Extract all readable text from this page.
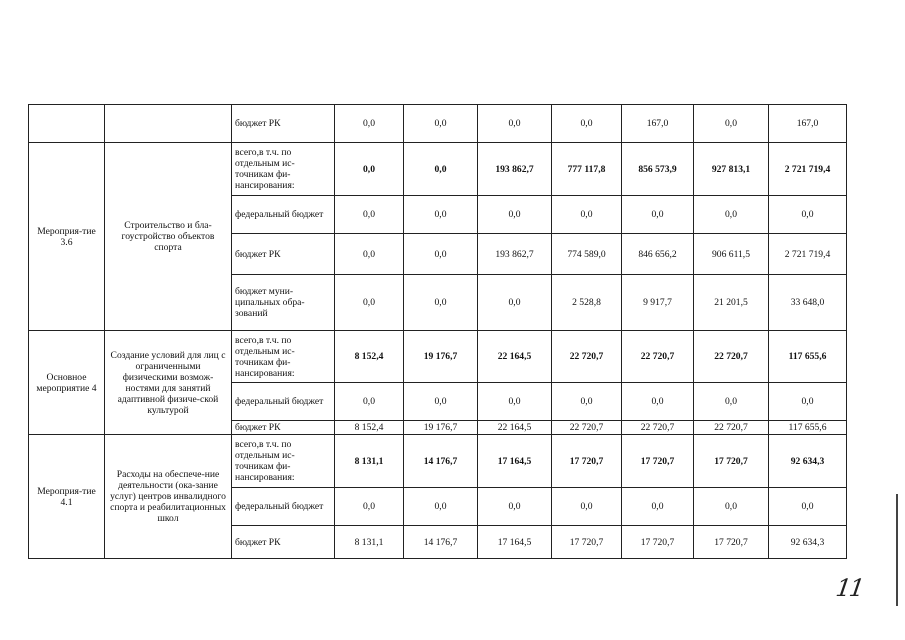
		бюджет РК	0,0	0,0	0,0	0,0	167,0	0,0	167,0
Мероприя-тие 3.6	Строительство и бла-гоустройство объектов спорта	всего,в т.ч. по отдельным ис-точникам фи-нансирования:	0,0	0,0	193 862,7	777 117,8	856 573,9	927 813,1	2 721 719,4
		федеральный бюджет	0,0	0,0	0,0	0,0	0,0	0,0	0,0
		бюджет РК	0,0	0,0	193 862,7	774 589,0	846 656,2	906 611,5	2 721 719,4
		бюджет муни-ципальных обра-зований	0,0	0,0	0,0	2 528,8	9 917,7	21 201,5	33 648,0
Основное мероприятие 4	Создание условий для лиц с ограниченными физическими возмож-ностями для занятий адаптивной физиче-ской культурой	всего,в т.ч. по отдельным ис-точникам фи-нансирования:	8 152,4	19 176,7	22 164,5	22 720,7	22 720,7	22 720,7	117 655,6
		федеральный бюджет	0,0	0,0	0,0	0,0	0,0	0,0	0,0
		бюджет РК	8 152,4	19 176,7	22 164,5	22 720,7	22 720,7	22 720,7	117 655,6
Мероприя-тие 4.1	Расходы на обеспече-ние деятельности (ока-зание услуг) центров инвалидного спорта и реабилитационных школ	всего,в т.ч. по отдельным ис-точникам фи-нансирования:	8 131,1	14 176,7	17 164,5	17 720,7	17 720,7	17 720,7	92 634,3
		федеральный бюджет	0,0	0,0	0,0	0,0	0,0	0,0	0,0
		бюджет РК	8 131,1	14 176,7	17 164,5	17 720,7	17 720,7	17 720,7	92 634,3
11
